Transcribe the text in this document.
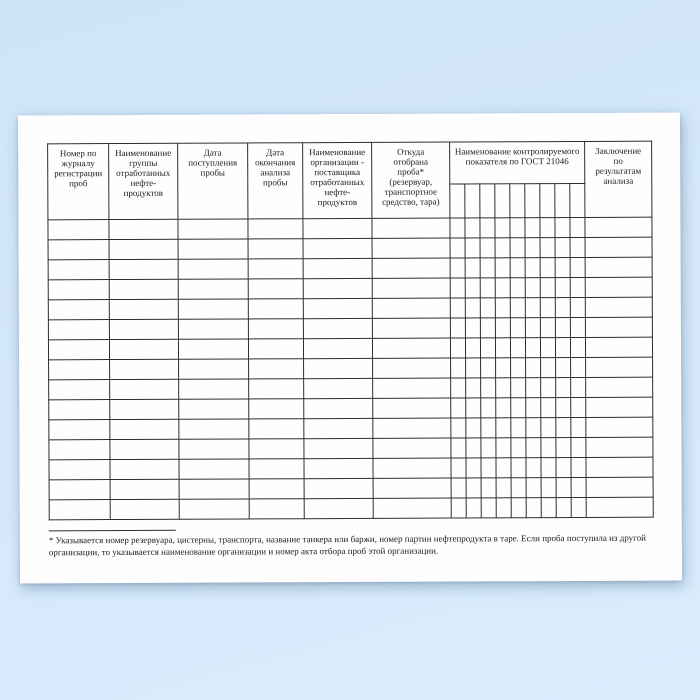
Номер по
журналу
регистрации
проб	Наименование
группы
отработанных
нефте-
продуктов	Дата
поступления
пробы	Дата
окончания
анализа
пробы	Наименование
организации -
поставщика
отработанных
нефте-
продуктов	Откуда
отобрана
проба*
(резервуар,
транспортное
средство, тара)	Наименование контролируемого
показателя по ГОСТ 21046	Заключение
по
результатам
анализа

* Указывается номер резервуара, цистерны, транспорта, название танкера или баржи, номер партии нефтепродукта в таре. Если проба поступила из другой организации, то указывается наименование организации и номер акта отбора проб этой организации.
